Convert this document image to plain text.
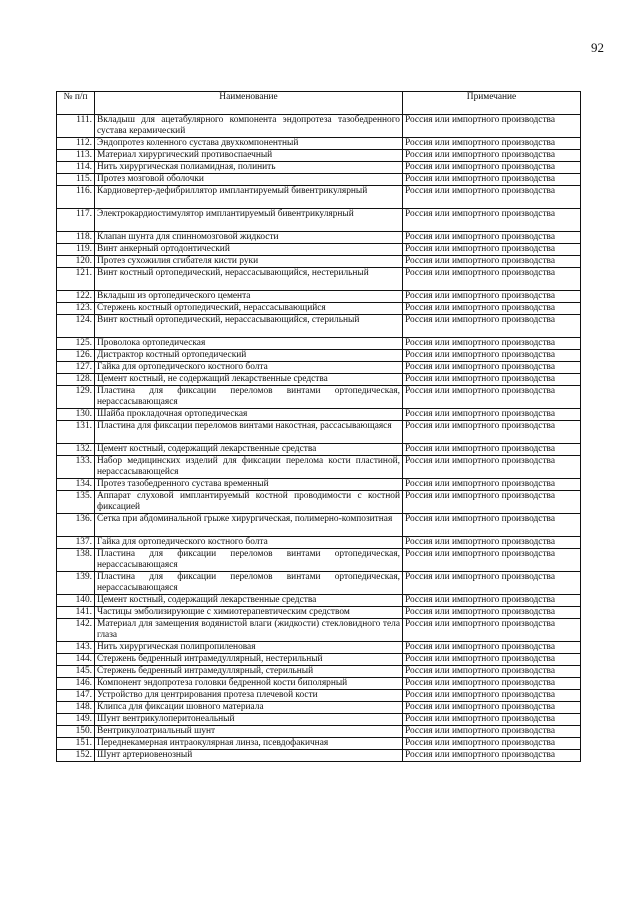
92
№ п/п	Наименование	Примечание
111.	Вкладыш для ацетабулярного компонента эндопротеза тазобедренного сустава керамический	Россия или импортного производства
112.	Эндопротез коленного сустава двухкомпонентный	Россия или импортного производства
113.	Материал хирургический противоспаечный	Россия или импортного производства
114.	Нить хирургическая полиамидная, полинить	Россия или импортного производства
115.	Протез мозговой оболочки	Россия или импортного производства
116.	Кардиовертер-дефибриллятор имплантируемый бивентрикулярный	Россия или импортного производства
117.	Электрокардиостимулятор имплантируемый бивентрикулярный	Россия или импортного производства
118.	Клапан шунта для спинномозговой жидкости	Россия или импортного производства
119.	Винт анкерный ортодонтический	Россия или импортного производства
120.	Протез сухожилия сгибателя кисти руки	Россия или импортного производства
121.	Винт костный ортопедический, нерассасывающийся, нестерильный	Россия или импортного производства
122.	Вкладыш из ортопедического цемента	Россия или импортного производства
123.	Стержень костный ортопедический, нерассасывающийся	Россия или импортного производства
124.	Винт костный ортопедический, нерассасывающийся, стерильный	Россия или импортного производства
125.	Проволока ортопедическая	Россия или импортного производства
126.	Дистрактор костный ортопедический	Россия или импортного производства
127.	Гайка для ортопедического костного болта	Россия или импортного производства
128.	Цемент костный, не содержащий лекарственные средства	Россия или импортного производства
129.	Пластина для фиксации переломов винтами ортопедическая, нерассасывающаяся	Россия или импортного производства
130.	Шайба прокладочная ортопедическая	Россия или импортного производства
131.	Пластина для фиксации переломов винтами накостная, рассасывающаяся	Россия или импортного производства
132.	Цемент костный, содержащий лекарственные средства	Россия или импортного производства
133.	Набор медицинских изделий для фиксации перелома кости пластиной, нерассасывающейся	Россия или импортного производства
134.	Протез тазобедренного сустава временный	Россия или импортного производства
135.	Аппарат слуховой имплантируемый костной проводимости с костной фиксацией	Россия или импортного производства
136.	Сетка при абдоминальной грыже хирургическая, полимерно-композитная	Россия или импортного производства
137.	Гайка для ортопедического костного болта	Россия или импортного производства
138.	Пластина для фиксации переломов винтами ортопедическая, нерассасывающаяся	Россия или импортного производства
139.	Пластина для фиксации переломов винтами ортопедическая, нерассасывающаяся	Россия или импортного производства
140.	Цемент костный, содержащий лекарственные средства	Россия или импортного производства
141.	Частицы эмболизирующие с химиотерапевтическим средством	Россия или импортного производства
142.	Материал для замещения водянистой влаги (жидкости) стекловидного тела глаза	Россия или импортного производства
143.	Нить хирургическая полипропиленовая	Россия или импортного производства
144.	Стержень бедренный интрамедуллярный, нестерильный	Россия или импортного производства
145.	Стержень бедренный интрамедуллярный, стерильный	Россия или импортного производства
146.	Компонент эндопротеза головки бедренной кости биполярный	Россия или импортного производства
147.	Устройство для центрирования протеза плечевой кости	Россия или импортного производства
148.	Клипса для фиксации шовного материала	Россия или импортного производства
149.	Шунт вентрикулоперитонеальный	Россия или импортного производства
150.	Вентрикулоатриальный шунт	Россия или импортного производства
151.	Переднекамерная интраокулярная линза, псевдофакичная	Россия или импортного производства
152.	Шунт артериовенозный	Россия или импортного производства
